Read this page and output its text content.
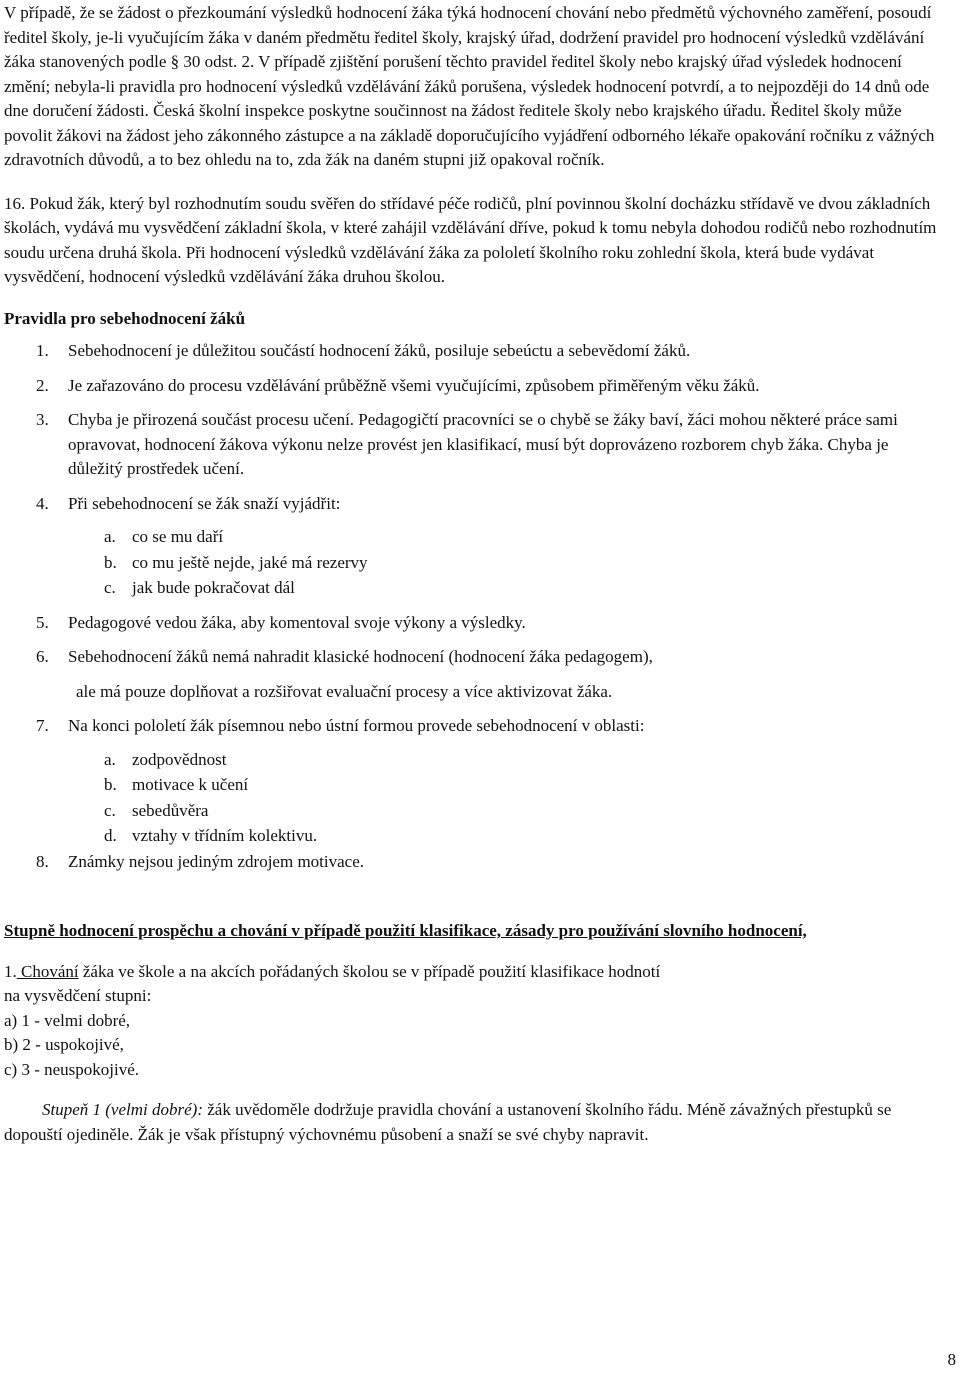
V případě, že se žádost o přezkoumání výsledků hodnocení žáka týká hodnocení chování nebo předmětů výchovného zaměření, posoudí ředitel školy, je-li vyučujícím žáka v daném předmětu ředitel školy, krajský úřad, dodržení pravidel pro hodnocení výsledků vzdělávání žáka stanovených podle § 30 odst. 2. V případě zjištění porušení těchto pravidel ředitel školy nebo krajský úřad výsledek hodnocení změní; nebyla-li pravidla pro hodnocení výsledků vzdělávání žáků porušena, výsledek hodnocení potvrdí, a to nejpozději do 14 dnů ode dne doručení žádosti. Česká školní inspekce poskytne součinnost na žádost ředitele školy nebo krajského úřadu. Ředitel školy může povolit žákovi na žádost jeho zákonného zástupce a na základě doporučujícího vyjádření odborného lékaře opakování ročníku z vážných zdravotních důvodů, a to bez ohledu na to, zda žák na daném stupni již opakoval ročník.

16. Pokud žák, který byl rozhodnutím soudu svěřen do střídavé péče rodičů, plní povinnou školní docházku střídavě ve dvou základních školách, vydává mu vysvědčení základní škola, v které zahájil vzdělávání dříve, pokud k tomu nebyla dohodou rodičů nebo rozhodnutím soudu určena druhá škola. Při hodnocení výsledků vzdělávání žáka za pololetí školního roku zohlední škola, která bude vydávat vysvědčení, hodnocení výsledků vzdělávání žáka druhou školou.

Pravidla pro sebehodnocení žáků

1. Sebehodnocení je důležitou součástí hodnocení žáků, posiluje sebeúctu a sebevědomí žáků.
2. Je zařazováno do procesu vzdělávání průběžně všemi vyučujícími, způsobem přiměřeným věku žáků.
3. Chyba je přirozená součást procesu učení. Pedagogičtí pracovníci se o chybě se žáky baví, žáci mohou některé práce sami opravovat, hodnocení žákova výkonu nelze provést jen klasifikací, musí být doprovázeno rozborem chyb žáka. Chyba je důležitý prostředek učení.
4. Při sebehodnocení se žák snaží vyjádřit:
a. co se mu daří
b. co mu ještě nejde, jaké má rezervy
c. jak bude pokračovat dál
5. Pedagogové vedou žáka, aby komentoval svoje výkony a výsledky.
6. Sebehodnocení žáků nemá nahradit klasické hodnocení (hodnocení žáka pedagogem),

ale má pouze doplňovat a rozšiřovat evaluační procesy a více aktivizovat žáka.

7. Na konci pololetí žák písemnou nebo ústní formou provede sebehodnocení v oblasti:
a. zodpovědnost
b. motivace k učení
c. sebedůvěra
d. vztahy v třídním kolektivu.
8. Známky nejsou jediným zdrojem motivace.

Stupně hodnocení prospěchu a chování v případě použití klasifikace, zásady pro používání slovního hodnocení,

1. Chování žáka ve škole a na akcích pořádaných školou se v případě použití klasifikace hodnotí
na vysvědčení stupni:

a) 1 - velmi dobré,
b) 2 - uspokojivé,
c) 3 - neuspokojivé.

Stupeň 1 (velmi dobré): žák uvědoměle dodržuje pravidla chování a ustanovení školního řádu. Méně závažných přestupků se dopouští ojediněle. Žák je však přístupný výchovnému působení a snaží se své chyby napravit.

8
